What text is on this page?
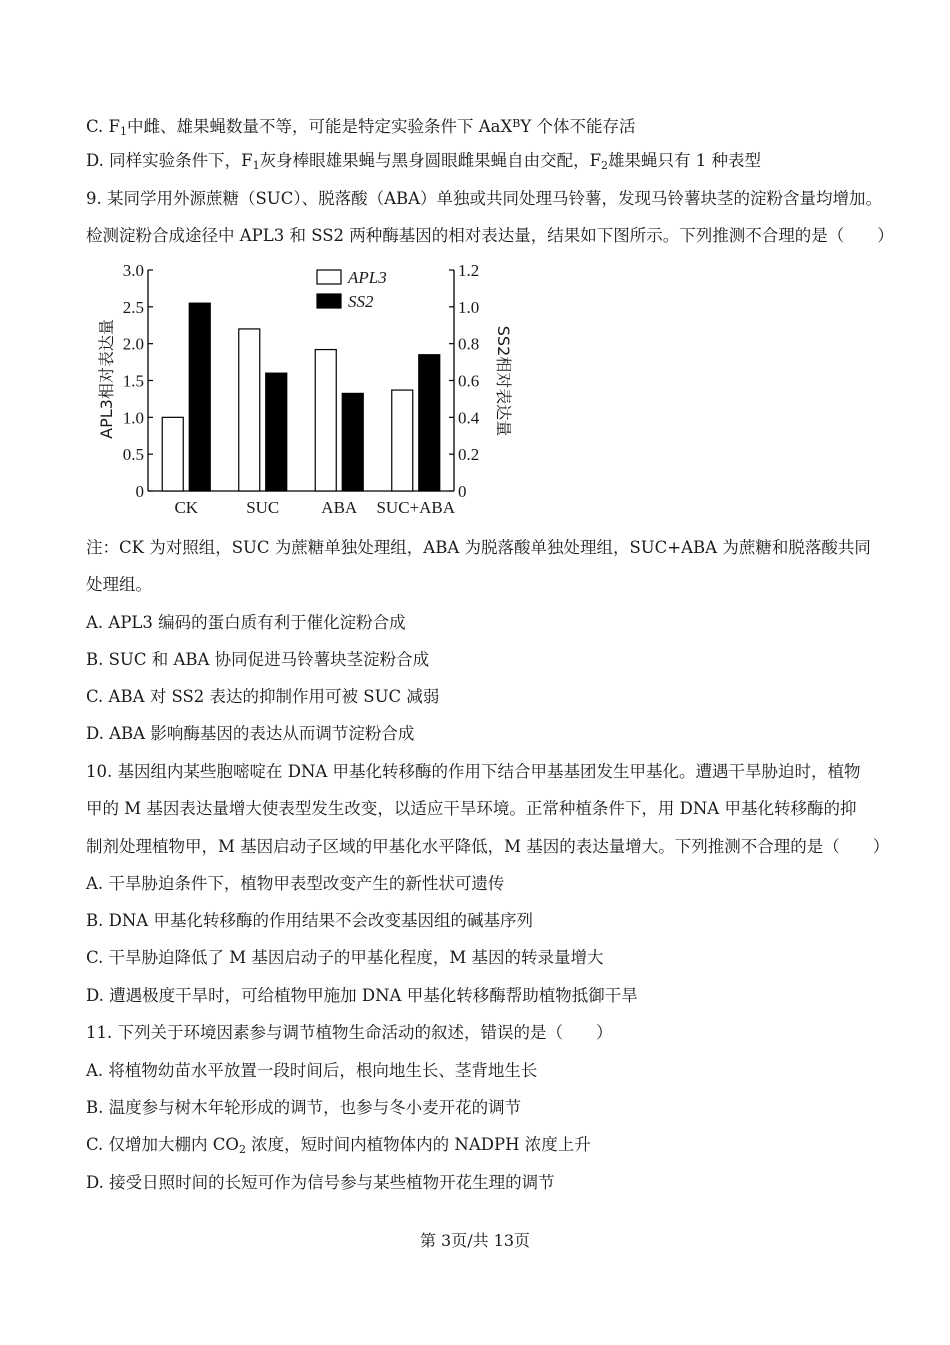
C. $F_1$中雌、雄果蝇数量不等，可能是特定实验条件下 AaX$^B$Y 个体不能存活
D. 同样实验条件下，$F_1$灰身棒眼雄果蝇与黑身圆眼雌果蝇自由交配，$F_2$雄果蝇只有 1 种表型
9. 某同学用外源蔗糖（SUC）、脱落酸（ABA）单独或共同处理马铃薯，发现马铃薯块茎的淀粉含量均增加。
检测淀粉合成途径中 APL3 和 SS2 两种酶基因的相对表达量，结果如下图所示。下列推测不合理的是（　　）
0
0.5
1.0
1.5
2.0
2.5
3.0
0
0.2
0.4
0.6
0.8
1.0
1.2
CK	SUC ABA SUC+ABA
APL3
SS2
APL3相对表达量	SS2相对表达量
注：CK 为对照组，SUC 为蔗糖单独处理组，ABA 为脱落酸单独处理组，SUC+ABA 为蔗糖和脱落酸共同
处理组。
A. APL3 编码的蛋白质有利于催化淀粉合成
B. SUC 和 ABA 协同促进马铃薯块茎淀粉合成
C. ABA 对 SS2 表达的抑制作用可被 SUC 减弱
D. ABA 影响酶基因的表达从而调节淀粉合成
10. 基因组内某些胞嘧啶在 DNA 甲基化转移酶的作用下结合甲基基团发生甲基化。遭遇干旱胁迫时，植物
甲的 M 基因表达量增大使表型发生改变，以适应干旱环境。正常种植条件下，用 DNA 甲基化转移酶的抑
制剂处理植物甲，M 基因启动子区域的甲基化水平降低，M 基因的表达量增大。下列推测不合理的是（　　）
A. 干旱胁迫条件下，植物甲表型改变产生的新性状可遗传
B. DNA 甲基化转移酶的作用结果不会改变基因组的碱基序列
C. 干旱胁迫降低了 M 基因启动子的甲基化程度，M 基因的转录量增大
D. 遭遇极度干旱时，可给植物甲施加 DNA 甲基化转移酶帮助植物抵御干旱
11. 下列关于环境因素参与调节植物生命活动的叙述，错误的是（　　）
A. 将植物幼苗水平放置一段时间后，根向地生长、茎背地生长
B. 温度参与树木年轮形成的调节，也参与冬小麦开花的调节
C. 仅增加大棚内 $CO_2$ 浓度，短时间内植物体内的 NADPH 浓度上升
D. 接受日照时间的长短可作为信号参与某些植物开花生理的调节
第 3页/共 13页
